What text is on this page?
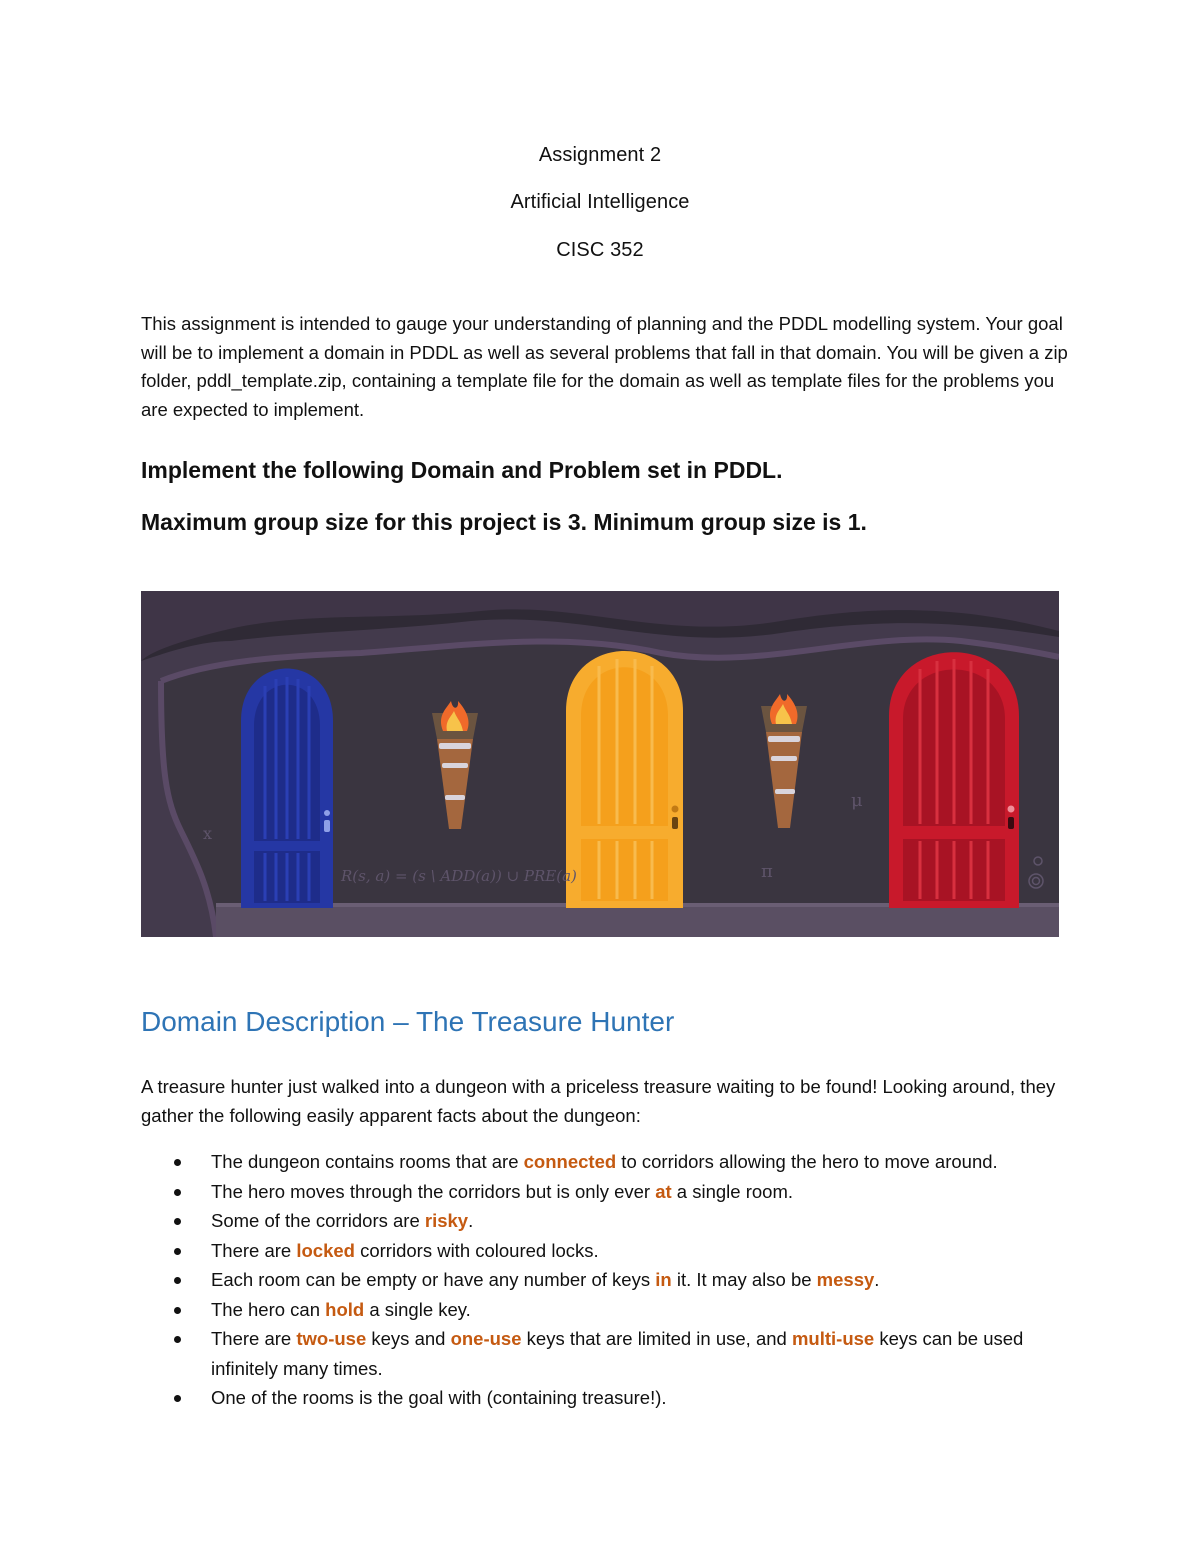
Assignment 2
Artificial Intelligence
CISC 352
This assignment is intended to gauge your understanding of planning and the PDDL modelling system. Your goal will be to implement a domain in PDDL as well as several problems that fall in that domain. You will be given a zip folder, pddl_template.zip, containing a template file for the domain as well as template files for the problems you are expected to implement.
Implement the following Domain and Problem set in PDDL.
Maximum group size for this project is 3. Minimum group size is 1.
x
R(s, a) = (s \ ADD(a)) ∪ PRE(a)	π
μ
Domain Description – The Treasure Hunter
A treasure hunter just walked into a dungeon with a priceless treasure waiting to be found! Looking around, they gather the following easily apparent facts about the dungeon:
The dungeon contains rooms that are connected to corridors allowing the hero to move around.
The hero moves through the corridors but is only ever at a single room.
Some of the corridors are risky.
There are locked corridors with coloured locks.
Each room can be empty or have any number of keys in it. It may also be messy.
The hero can hold a single key.
There are two-use keys and one-use keys that are limited in use, and multi-use keys can be used infinitely many times.
One of the rooms is the goal with (containing treasure!).
